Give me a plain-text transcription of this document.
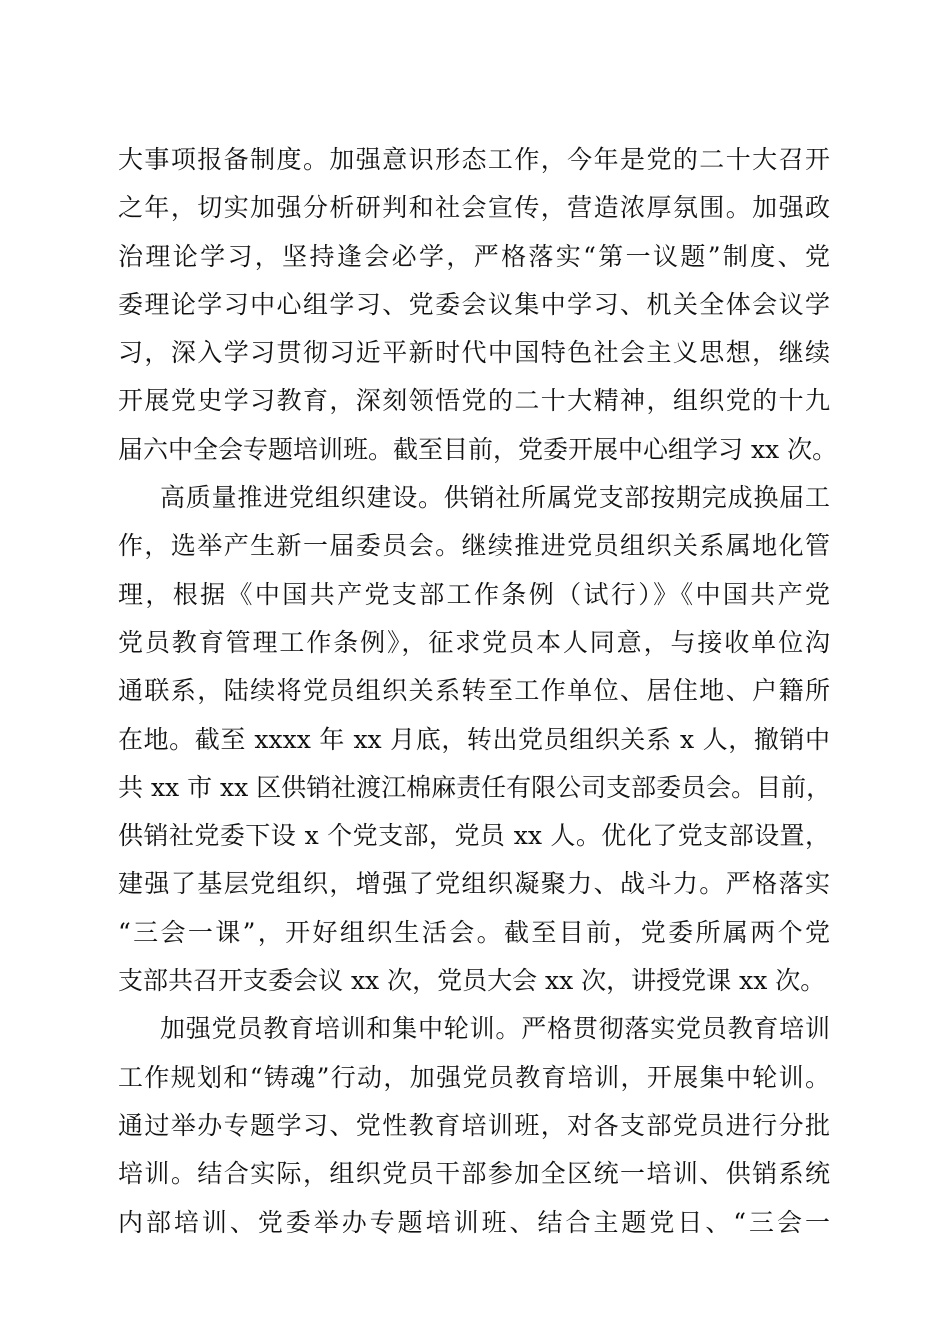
大事项报备制度。加强意识形态工作，今年是党的二十大召开
之年，切实加强分析研判和社会宣传，营造浓厚氛围。加强政
治理论学习，坚持逢会必学，严格落实“第一议题”制度、党
委理论学习中心组学习、党委会议集中学习、机关全体会议学
习，深入学习贯彻习近平新时代中国特色社会主义思想，继续
开展党史学习教育，深刻领悟党的二十大精神，组织党的十九
届六中全会专题培训班。截至目前，党委开展中心组学习 xx 次。
高质量推进党组织建设。供销社所属党支部按期完成换届工
作，选举产生新一届委员会。继续推进党员组织关系属地化管
理，根据《中国共产党支部工作条例（试行）》《中国共产党
党员教育管理工作条例》，征求党员本人同意，与接收单位沟
通联系，陆续将党员组织关系转至工作单位、居住地、户籍所
在地。截至 xxxx 年 xx 月底，转出党员组织关系 x 人，撤销中
共 xx 市 xx 区供销社渡江棉麻责任有限公司支部委员会。目前，
供销社党委下设 x 个党支部，党员 xx 人。优化了党支部设置，
建强了基层党组织，增强了党组织凝聚力、战斗力。严格落实
“三会一课”，开好组织生活会。截至目前，党委所属两个党
支部共召开支委会议 xx 次，党员大会 xx 次，讲授党课 xx 次。
加强党员教育培训和集中轮训。严格贯彻落实党员教育培训
工作规划和“铸魂”行动，加强党员教育培训，开展集中轮训。
通过举办专题学习、党性教育培训班，对各支部党员进行分批
培训。结合实际，组织党员干部参加全区统一培训、供销系统
内部培训、党委举办专题培训班、结合主题党日、“三会一
